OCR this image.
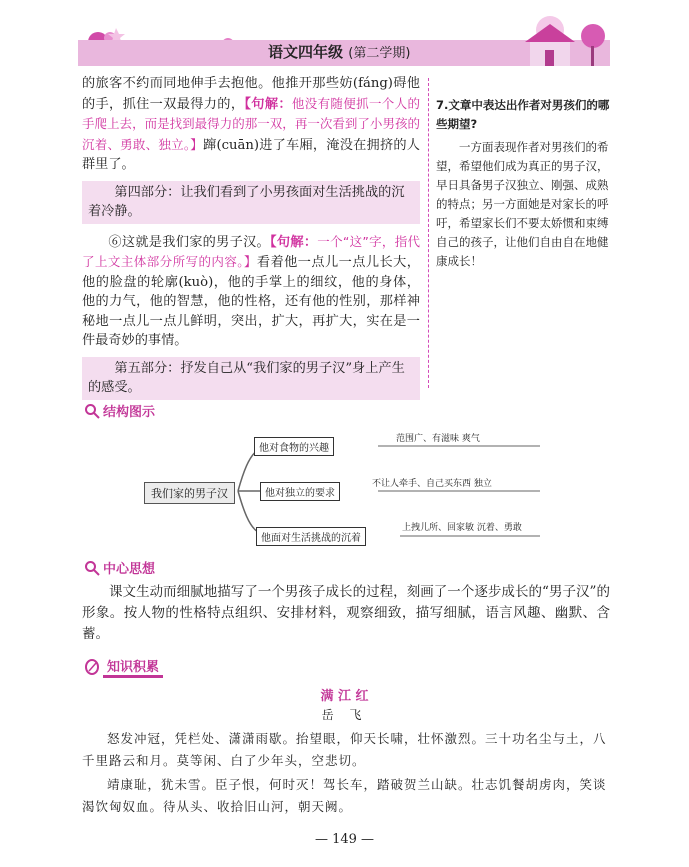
语文四年级 (第二学期)

的旅客不约而同地伸手去抱他。他推开那些妨(fáng)碍他的手，抓住一双最得力的，【句解：他没有随便抓一个人的手爬上去，而是找到最得力的那一双，再一次看到了小男孩的沉着、勇敢、独立。】蹿(cuān)进了车厢，淹没在拥挤的人群里了。

第四部分：让我们看到了小男孩面对生活挑战的沉着冷静。

⑥这就是我们家的男子汉。【句解：一个“这”字，指代了上文主体部分所写的内容。】看着他一点儿一点儿长大，他的脸盘的轮廓(kuò)，他的手掌上的细纹，他的身体，他的力气，他的智慧，他的性格，还有他的性别，那样神秘地一点儿一点儿鲜明，突出，扩大，再扩大，实在是一件最奇妙的事情。

第五部分：抒发自己从“我们家的男子汉”身上产生的感受。

7.文章中表达出作者对男孩们的哪些期望?

一方面表现作者对男孩们的希望，希望他们成为真正的男子汉，早日具备男子汉独立、刚强、成熟的特点；另一方面她是对家长的呼吁，希望家长们不要太娇惯和束缚自己的孩子，让他们自由自在地健康成长！

结构图示
我们家的男子汉
他对食物的兴趣
他对独立的要求
他面对生活挑战的沉着
范围广、有滋味 爽气
不让人牵手、自己买东西 独立
上拽儿所、回家敏 沉着、勇敢
中心思想

课文生动而细腻地描写了一个男孩子成长的过程，刻画了一个逐步成长的“男子汉”的形象。按人物的性格特点组织、安排材料，观察细致，描写细腻，语言风趣、幽默、含蓄。

知识积累
满 江 红
岳 飞

怒发冲冠，凭栏处、潇潇雨歇。抬望眼，仰天长啸，壮怀激烈。三十功名尘与土，八千里路云和月。莫等闲、白了少年头，空悲切。

靖康耻，犹未雪。臣子恨，何时灭！驾长车，踏破贺兰山缺。壮志饥餐胡虏肉，笑谈渴饮匈奴血。待从头、收拾旧山河，朝天阙。

— 149 —
